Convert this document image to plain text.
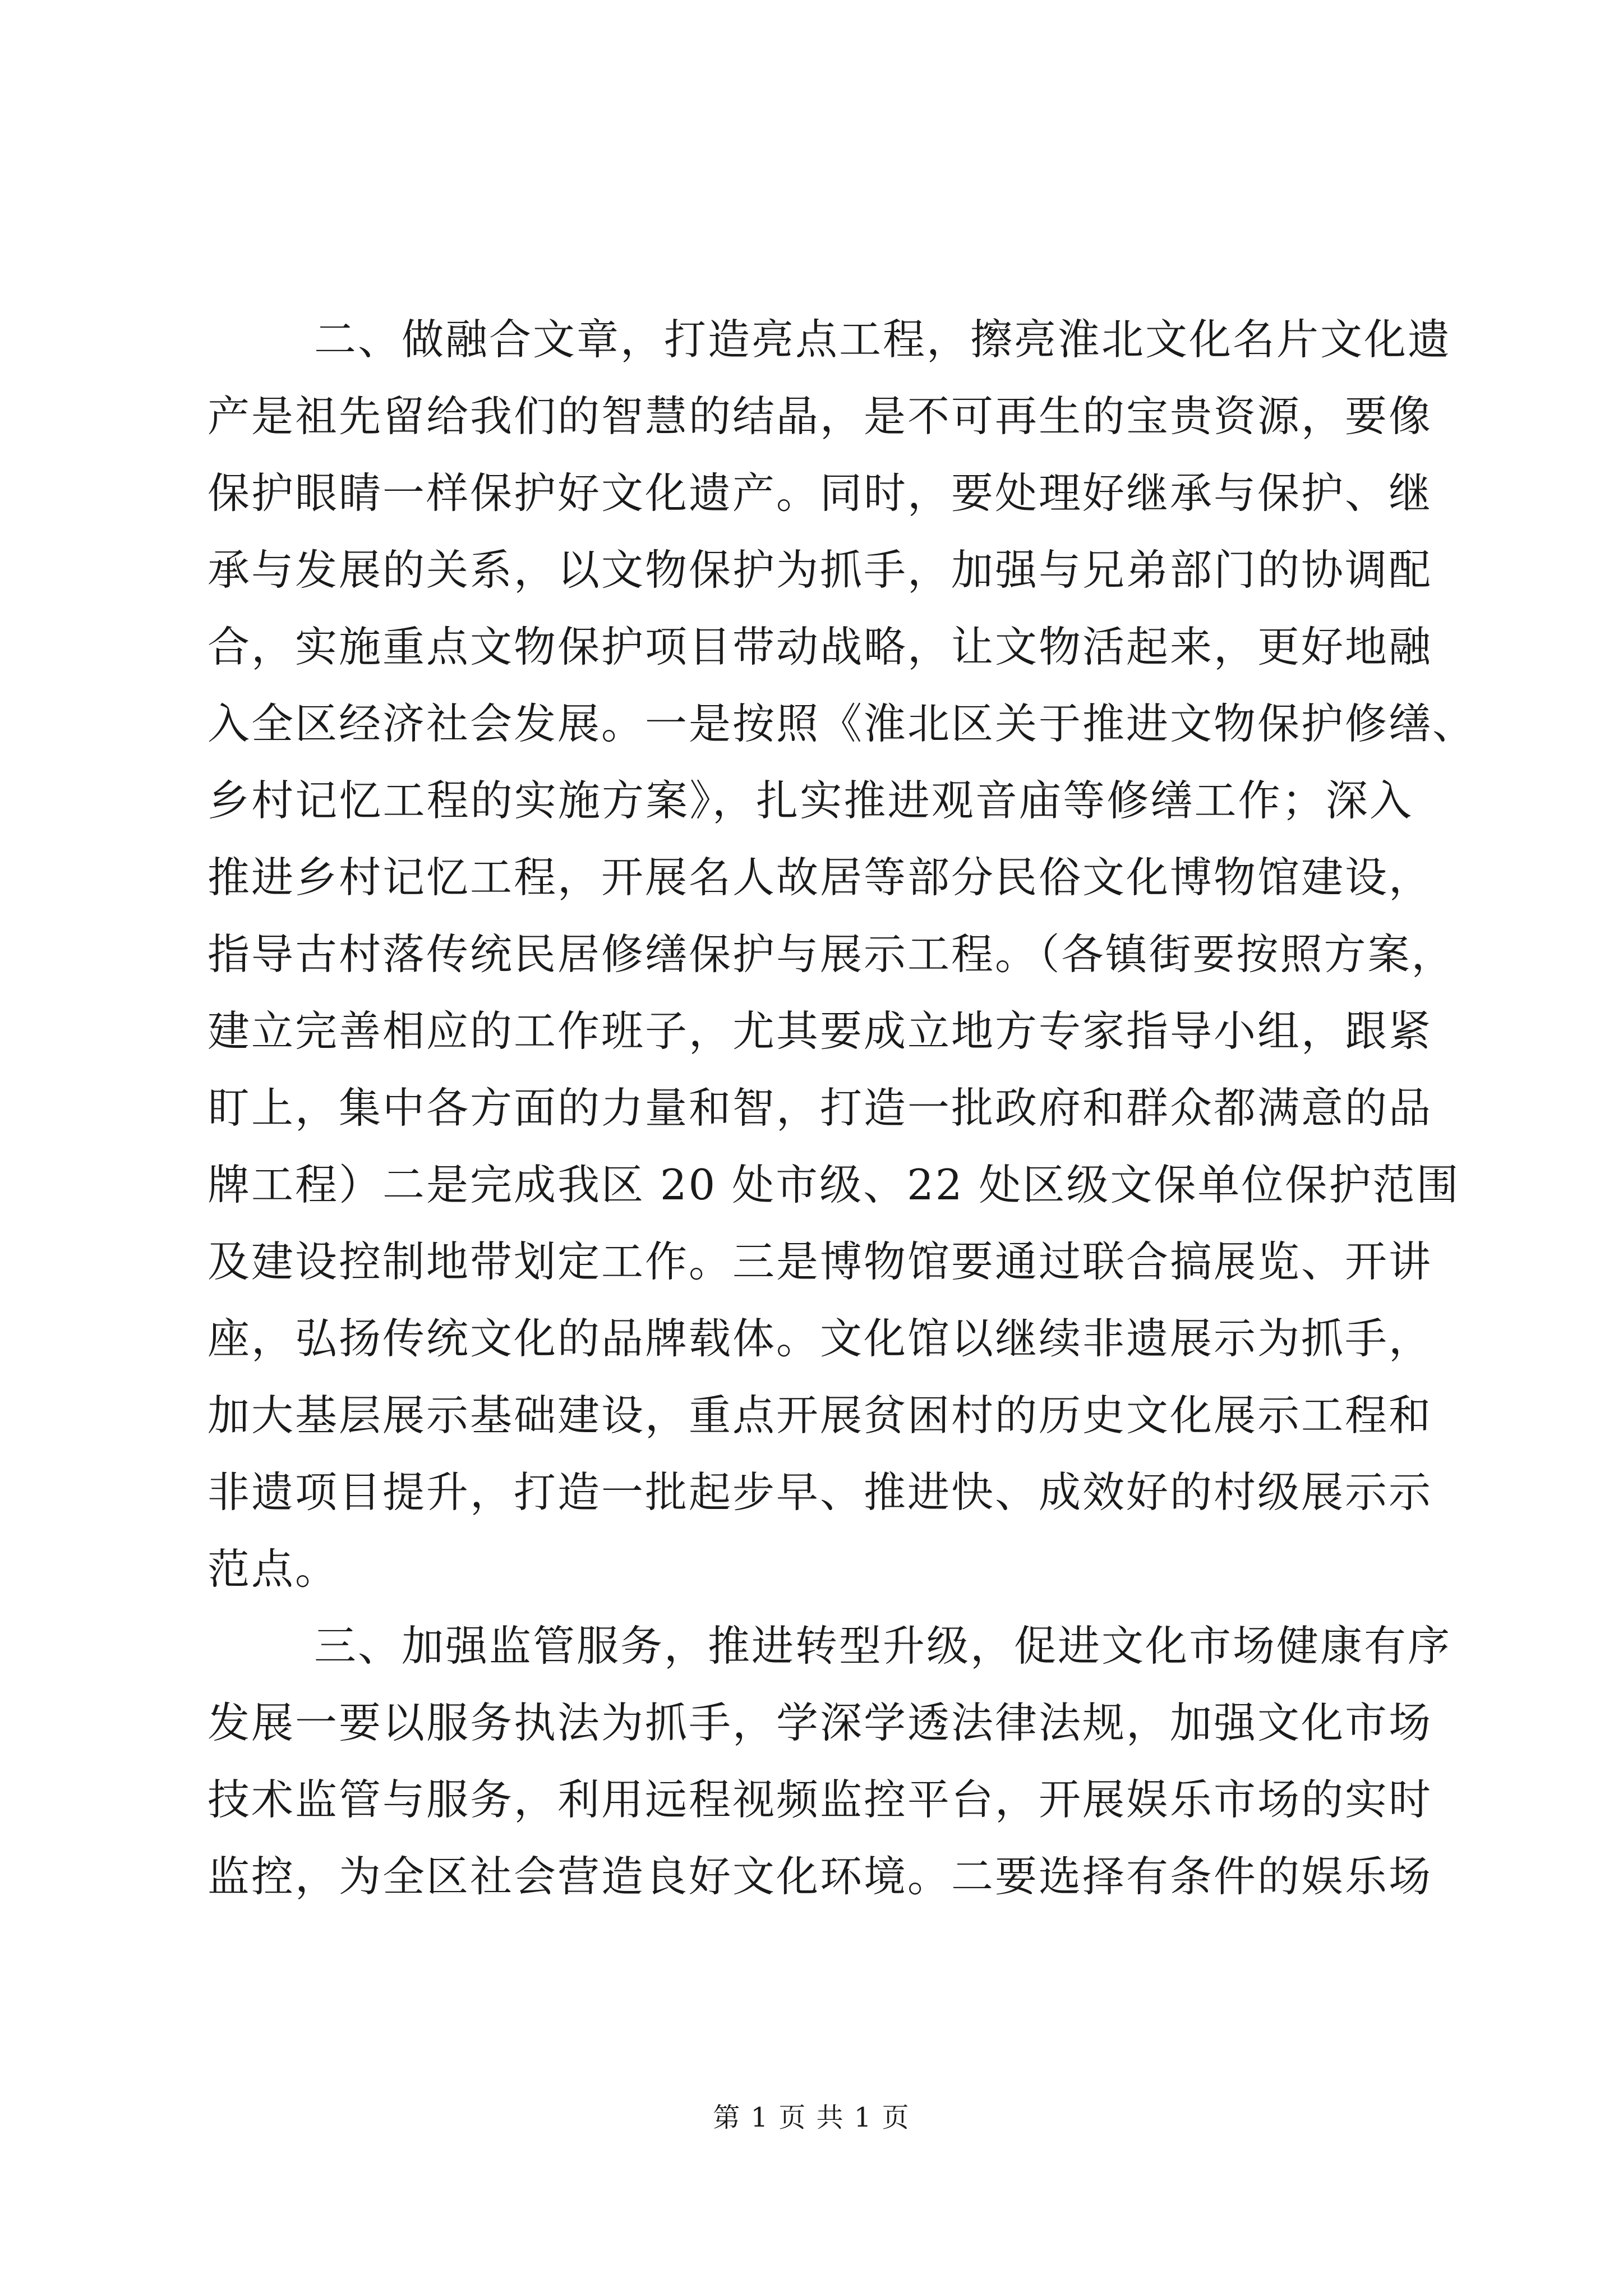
二、做融合文章，打造亮点工程，擦亮淮北文化名片文化遗
产是祖先留给我们的智慧的结晶，是不可再生的宝贵资源，要像
保护眼睛一样保护好文化遗产。同时，要处理好继承与保护、继
承与发展的关系，以文物保护为抓手，加强与兄弟部门的协调配
合，实施重点文物保护项目带动战略，让文物活起来，更好地融
入全区经济社会发展。一是按照《淮北区关于推进文物保护修缮、
乡村记忆工程的实施方案》，扎实推进观音庙等修缮工作；深入
推进乡村记忆工程，开展名人故居等部分民俗文化博物馆建设，
指导古村落传统民居修缮保护与展示工程。（各镇街要按照方案，
建立完善相应的工作班子，尤其要成立地方专家指导小组，跟紧
盯上，集中各方面的力量和智，打造一批政府和群众都满意的品
牌工程）二是完成我区 20 处市级、22 处区级文保单位保护范围
及建设控制地带划定工作。三是博物馆要通过联合搞展览、开讲
座，弘扬传统文化的品牌载体。文化馆以继续非遗展示为抓手，
加大基层展示基础建设，重点开展贫困村的历史文化展示工程和
非遗项目提升，打造一批起步早、推进快、成效好的村级展示示
范点。
三、加强监管服务，推进转型升级，促进文化市场健康有序
发展一要以服务执法为抓手，学深学透法律法规，加强文化市场
技术监管与服务，利用远程视频监控平台，开展娱乐市场的实时
监控，为全区社会营造良好文化环境。二要选择有条件的娱乐场
第 1 页 共 1 页
